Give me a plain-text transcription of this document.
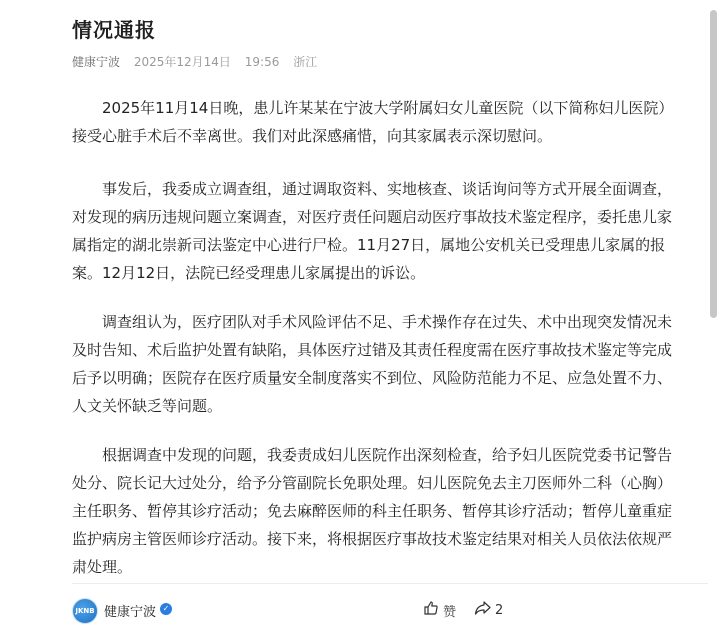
情况通报
健康宁波 2025年12月14日 19:56 浙江
2025年11月14日晚，患儿许某某在宁波大学附属妇女儿童医院（以下简称妇儿医院）接受心脏手术后不幸离世。我们对此深感痛惜，向其家属表示深切慰问。
事发后，我委成立调查组，通过调取资料、实地核查、谈话询问等方式开展全面调查，对发现的病历违规问题立案调查，对医疗责任问题启动医疗事故技术鉴定程序，委托患儿家属指定的湖北崇新司法鉴定中心进行尸检。11月27日，属地公安机关已受理患儿家属的报案。12月12日，法院已经受理患儿家属提出的诉讼。
调查组认为，医疗团队对手术风险评估不足、手术操作存在过失、术中出现突发情况未及时告知、术后监护处置有缺陷，具体医疗过错及其责任程度需在医疗事故技术鉴定等完成后予以明确；医院存在医疗质量安全制度落实不到位、风险防范能力不足、应急处置不力、人文关怀缺乏等问题。
根据调查中发现的问题，我委责成妇儿医院作出深刻检查，给予妇儿医院党委书记警告处分、院长记大过处分，给予分管副院长免职处理。妇儿医院免去主刀医师外二科（心胸）主任职务、暂停其诊疗活动；免去麻醉医师的科主任职务、暂停其诊疗活动；暂停儿童重症监护病房主管医师诊疗活动。接下来，将根据医疗事故技术鉴定结果对相关人员依法依规严肃处理。
JKNB 健康宁波 ✓	赞	2
